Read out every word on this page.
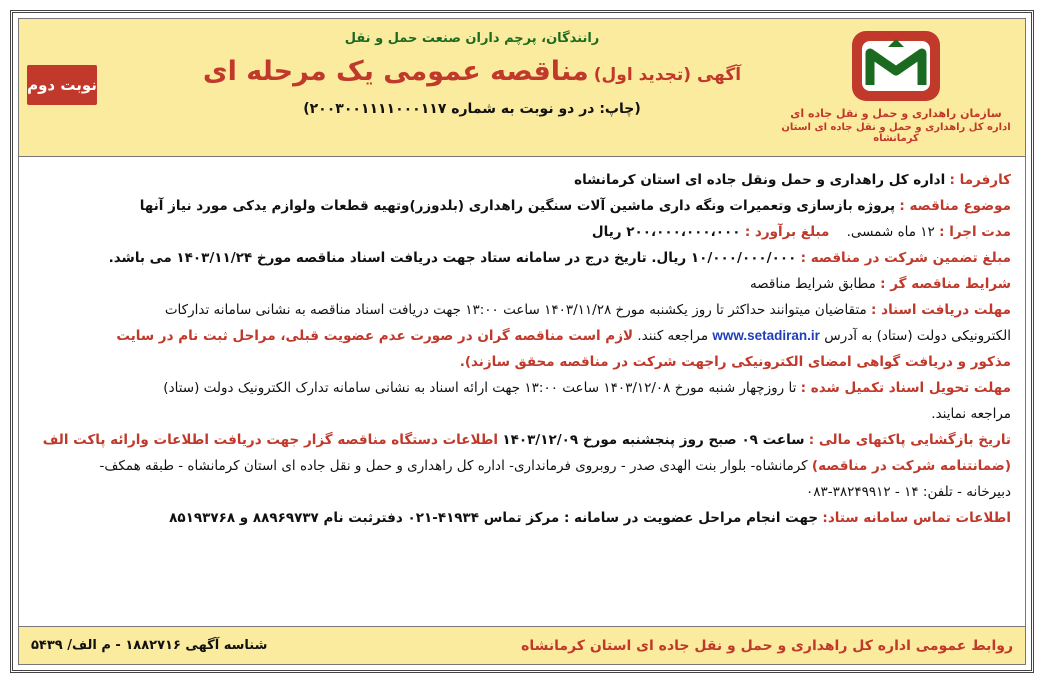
نوبت دوم
رانندگان، پرچم داران صنعت حمل و نقل
آگهی (تجدید اول) مناقصه عمومی یک مرحله ای
(چاپ: در دو نوبت به شماره ۲۰۰۳۰۰۱۱۱۱۰۰۰۱۱۷)	سازمان راهداری و حمل و نقل جاده ای
اداره کل راهداری و حمل و نقل جاده ای استان کرمانشاه
کارفرما : اداره کل راهداری و حمل ونقل جاده ای استان کرمانشاه
موضوع مناقصه : پروژه بازسازی وتعمیرات ونگه داری ماشین آلات سنگین راهداری (بلدوزر)وتهیه قطعات ولوازم یدکی مورد نیاز آنها
مدت اجرا : ۱۲ ماه شمسی.    مبلغ برآورد : ۲۰۰،۰۰۰،۰۰۰،۰۰۰ ریال
مبلغ تضمین شرکت در مناقصه : ۱۰/۰۰۰/۰۰۰/۰۰۰ ریال. تاریخ درج در سامانه ستاد جهت دریافت اسناد مناقصه مورخ ۱۴۰۳/۱۱/۲۴ می باشد.
شرایط مناقصه گر : مطابق شرایط مناقصه
مهلت دریافت اسناد : متقاضیان میتوانند حداکثر تا روز یکشنبه مورخ ۱۴۰۳/۱۱/۲۸ ساعت ۱۳:۰۰ جهت دریافت اسناد مناقصه به نشانی سامانه تدارکات
الکترونیکی دولت (ستاد) به آدرس www.setadiran.ir مراجعه کنند. لازم است مناقصه گران در صورت عدم عضویت قبلی، مراحل ثبت نام در سایت
مذکور و دریافت گواهی امضای الکترونیکی راجهت شرکت در مناقصه محقق سازند).
مهلت تحویل اسناد تکمیل شده : تا روزچهار شنبه مورخ ۱۴۰۳/۱۲/۰۸ ساعت ۱۳:۰۰ جهت ارائه اسناد به نشانی سامانه تدارک الکترونیک دولت (ستاد)
مراجعه نمایند.
تاریخ بازگشایی پاکتهای مالی : ساعت ۰۹ صبح روز پنجشنبه مورخ ۱۴۰۳/۱۲/۰۹ اطلاعات دستگاه مناقصه گزار جهت دریافت اطلاعات وارائه پاکت الف
(ضمانتنامه شرکت در مناقصه) کرمانشاه- بلوار بنت الهدی صدر - روبروی فرمانداری- اداره کل راهداری و حمل و نقل جاده ای استان کرمانشاه - طبقه همکف-
دبیرخانه - تلفن: ۱۴ - ۳۸۲۴۹۹۱۲-۰۸۳
اطلاعات تماس سامانه ستاد: جهت انجام مراحل عضویت در سامانه : مرکز تماس ۴۱۹۳۴-۰۲۱ دفترثبت نام ۸۸۹۶۹۷۳۷ و ۸۵۱۹۳۷۶۸
روابط عمومی اداره کل راهداری و حمل و نقل جاده ای استان کرمانشاه
شناسه آگهی ۱۸۸۲۷۱۶ - م الف/ ۵۴۳۹
